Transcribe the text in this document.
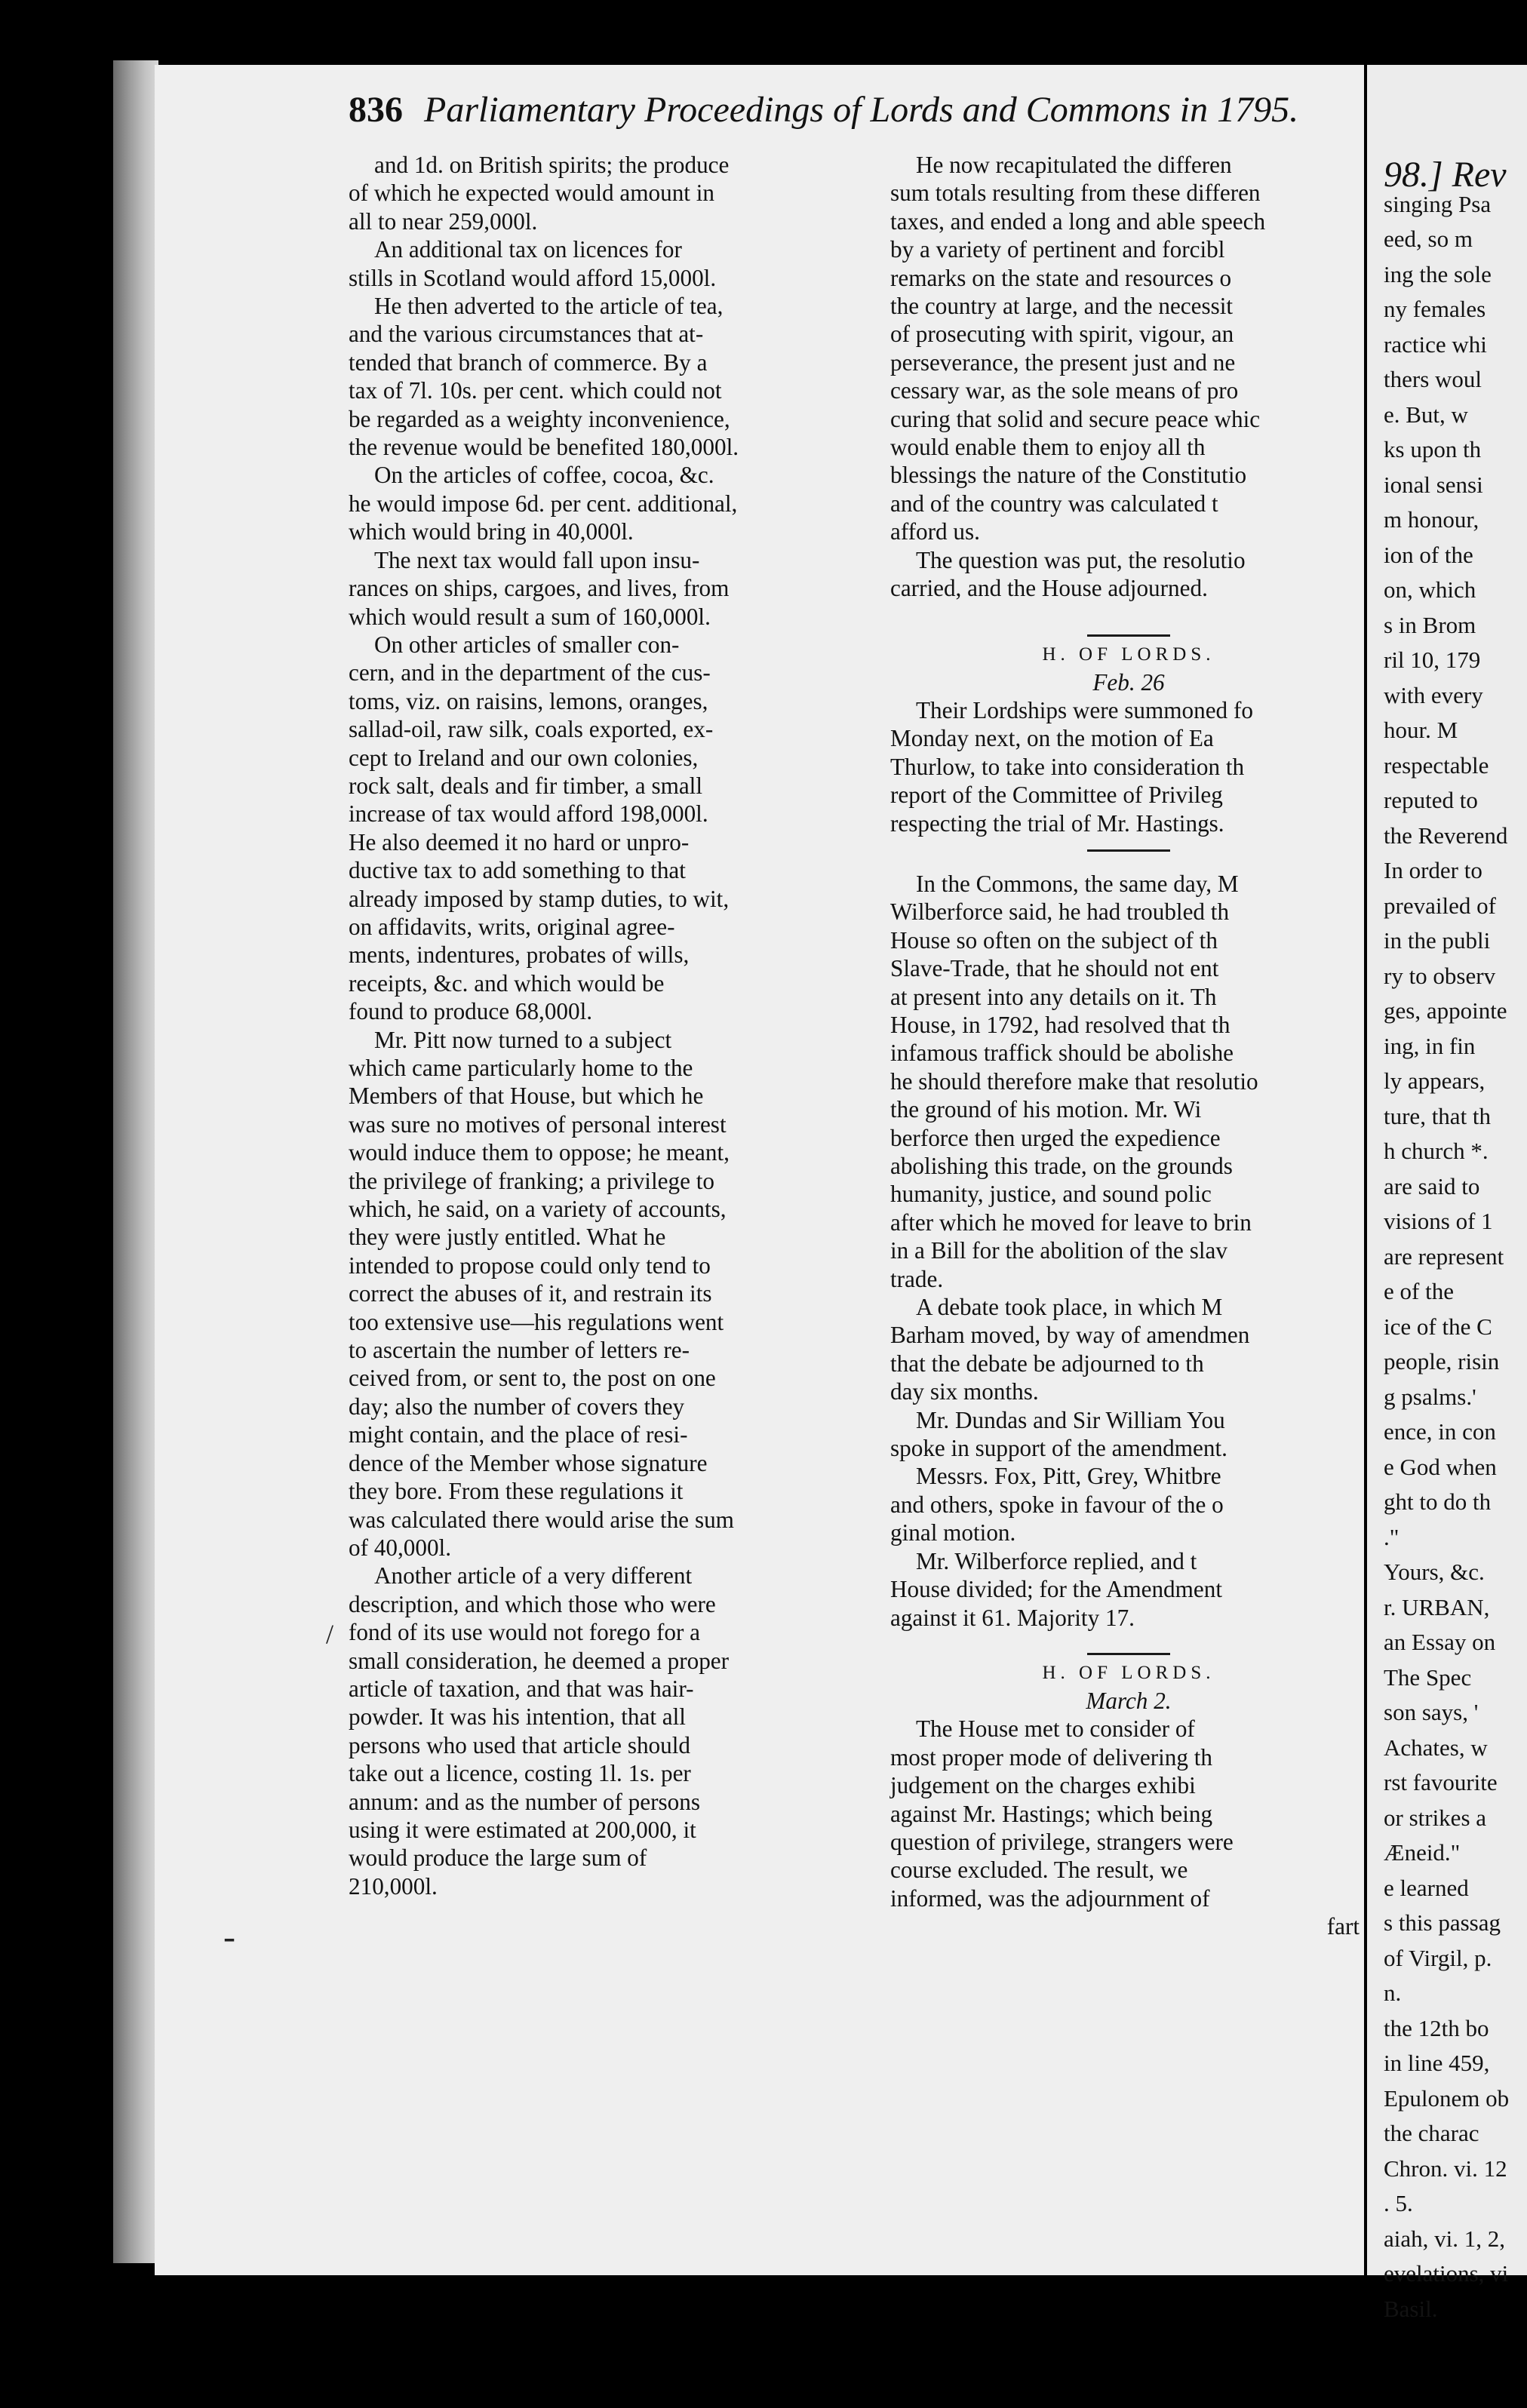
836 Parliamentary Proceedings of Lords and Commons in 1795.
and 1d. on British spirits; the produce
of which he expected would amount in
all to near 259,000l.
An additional tax on licences for
stills in Scotland would afford 15,000l.
He then adverted to the article of tea,
and the various circumstances that at-
tended that branch of commerce. By a
tax of 7l. 10s. per cent. which could not
be regarded as a weighty inconvenience,
the revenue would be benefited 180,000l.
On the articles of coffee, cocoa, &c.
he would impose 6d. per cent. additional,
which would bring in 40,000l.
The next tax would fall upon insu-
rances on ships, cargoes, and lives, from
which would result a sum of 160,000l.
On other articles of smaller con-
cern, and in the department of the cus-
toms, viz. on raisins, lemons, oranges,
sallad-oil, raw silk, coals exported, ex-
cept to Ireland and our own colonies,
rock salt, deals and fir timber, a small
increase of tax would afford 198,000l.
He also deemed it no hard or unpro-
ductive tax to add something to that
already imposed by stamp duties, to wit,
on affidavits, writs, original agree-
ments, indentures, probates of wills,
receipts, &c. and which would be
found to produce 68,000l.
Mr. Pitt now turned to a subject
which came particularly home to the
Members of that House, but which he
was sure no motives of personal interest
would induce them to oppose; he meant,
the privilege of franking; a privilege to
which, he said, on a variety of accounts,
they were justly entitled. What he
intended to propose could only tend to
correct the abuses of it, and restrain its
too extensive use—his regulations went
to ascertain the number of letters re-
ceived from, or sent to, the post on one
day; also the number of covers they
might contain, and the place of resi-
dence of the Member whose signature
they bore. From these regulations it
was calculated there would arise the sum
of 40,000l.
Another article of a very different
description, and which those who were
fond of its use would not forego for a
small consideration, he deemed a proper
article of taxation, and that was hair-
powder. It was his intention, that all
persons who used that article should
take out a licence, costing 1l. 1s. per
annum: and as the number of persons
using it were estimated at 200,000, it
would produce the large sum of
210,000l.
He now recapitulated the differen
sum totals resulting from these differen
taxes, and ended a long and able speech
by a variety of pertinent and forcibl
remarks on the state and resources o
the country at large, and the necessit
of prosecuting with spirit, vigour, an
perseverance, the present just and ne
cessary war, as the sole means of pro
curing that solid and secure peace whic
would enable them to enjoy all th
blessings the nature of the Constitutio
and of the country was calculated t
afford us.
The question was put, the resolutio
carried, and the House adjourned.
H. OF LORDS.
Feb. 26
Their Lordships were summoned fo
Monday next, on the motion of Ea
Thurlow, to take into consideration th
report of the Committee of Privileg
respecting the trial of Mr. Hastings.
In the Commons, the same day, M
Wilberforce said, he had troubled th
House so often on the subject of th
Slave-Trade, that he should not ent
at present into any details on it. Th
House, in 1792, had resolved that th
infamous traffick should be abolishe
he should therefore make that resolutio
the ground of his motion. Mr. Wi
berforce then urged the expedience
abolishing this trade, on the grounds
humanity, justice, and sound polic
after which he moved for leave to brin
in a Bill for the abolition of the slav
trade.
A debate took place, in which M
Barham moved, by way of amendmen
that the debate be adjourned to th
day six months.
Mr. Dundas and Sir William You
spoke in support of the amendment.
Messrs. Fox, Pitt, Grey, Whitbre
and others, spoke in favour of the o
ginal motion.
Mr. Wilberforce replied, and t
House divided; for the Amendment
against it 61. Majority 17.
H. OF LORDS.
March 2.
The House met to consider of
most proper mode of delivering th
judgement on the charges exhibi
against Mr. Hastings; which being
question of privilege, strangers were
course excluded. The result, we
informed, was the adjournment of
fart
98.] Rev
singing Psa
eed, so m
ing the sole
ny females
ractice whi
thers woul
e. But, w
ks upon th
ional sensi
m honour,
ion of the
on, which
s in Brom
ril 10, 179
with every
hour. M
respectable
reputed to
the Reverend
In order to
prevailed of
in the publi
ry to observ
ges, appointe
ing, in fin
ly appears,
ture, that th
h church *.
are said to
visions of 1
are represent
e of the
ice of the C
people, risin
g psalms.'
ence, in con
e God when
ght to do th
."
Yours, &c.
r. URBAN,
an Essay on
The Spec
son says, '
Achates, w
rst favourite
or strikes a
Æneid."
e learned
s this passag
of Virgil, p.
n.
the 12th bo
in line 459,
Epulonem ob
the charac
Chron. vi. 12
. 5.
aiah, vi. 1, 2,
evelations, vi
Basil.
/
-
